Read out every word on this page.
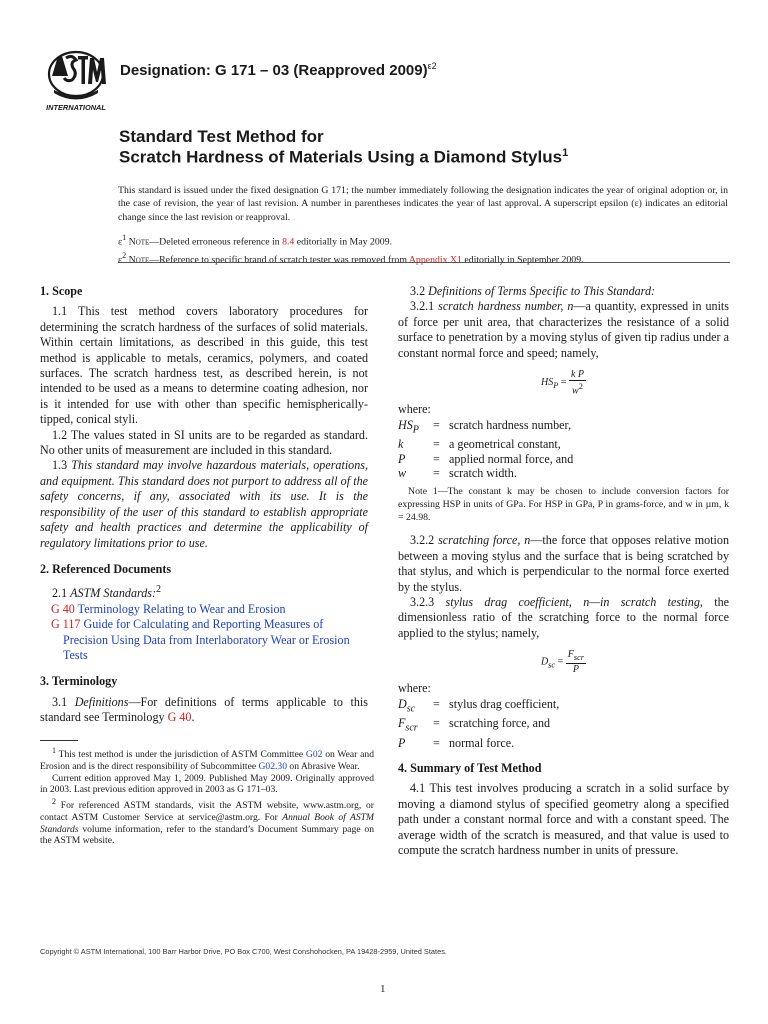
INTERNATIONAL
Designation: G 171 – 03 (Reapproved 2009)$^{\varepsilon 2}$
Standard Test Method for
Scratch Hardness of Materials Using a Diamond Stylus$^1$
This standard is issued under the fixed designation G 171; the number immediately following the designation indicates the year of original adoption or, in the case of revision, the year of last revision. A number in parentheses indicates the year of last approval. A superscript epsilon (ε) indicates an editorial change since the last revision or reapproval.
$\varepsilon^1$ Note—Deleted erroneous reference in 8.4 editorially in May 2009.
$\varepsilon^2$ Note—Reference to specific brand of scratch tester was removed from Appendix X1 editorially in September 2009.
1. Scope

1.1 This test method covers laboratory procedures for determining the scratch hardness of the surfaces of solid materials. Within certain limitations, as described in this guide, this test method is applicable to metals, ceramics, polymers, and coated surfaces. The scratch hardness test, as described herein, is not intended to be used as a means to determine coating adhesion, nor is it intended for use with other than specific hemispherically-tipped, conical styli.

1.2 The values stated in SI units are to be regarded as standard. No other units of measurement are included in this standard.

1.3 This standard may involve hazardous materials, operations, and equipment. This standard does not purport to address all of the safety concerns, if any, associated with its use. It is the responsibility of the user of this standard to establish appropriate safety and health practices and determine the applicability of regulatory limitations prior to use.

2. Referenced Documents

2.1 ASTM Standards:$^2$

G 40 Terminology Relating to Wear and Erosion

G 117 Guide for Calculating and Reporting Measures of Precision Using Data from Interlaboratory Wear or Erosion Tests

3. Terminology

3.1 Definitions—For definitions of terms applicable to this standard see Terminology G 40.

$^1$ This test method is under the jurisdiction of ASTM Committee G02 on Wear and Erosion and is the direct responsibility of Subcommittee G02.30 on Abrasive Wear.

Current edition approved May 1, 2009. Published May 2009. Originally approved in 2003. Last previous edition approved in 2003 as G 171–03.

$^2$ For referenced ASTM standards, visit the ASTM website, www.astm.org, or contact ASTM Customer Service at service@astm.org. For Annual Book of ASTM Standards volume information, refer to the standard’s Document Summary page on the ASTM website.

3.2 Definitions of Terms Specific to This Standard:

3.2.1 scratch hardness number, n—a quantity, expressed in units of force per unit area, that characterizes the resistance of a solid surface to penetration by a moving stylus of given tip radius under a constant normal force and speed; namely,

$HS_P = \frac{\text{k P}}{w^2}$
where:
$HS_P$	=	scratch hardness number,
k	=	a geometrical constant,
P	=	applied normal force, and
w	=	scratch width.

Note 1—The constant k may be chosen to include conversion factors for expressing HSP in units of GPa. For HSP in GPa, P in grams-force, and w in µm, k = 24.98.

3.2.2 scratching force, n—the force that opposes relative motion between a moving stylus and the surface that is being scratched by that stylus, and which is perpendicular to the normal force exerted by the stylus.

3.2.3 stylus drag coefficient, n—in scratch testing, the dimensionless ratio of the scratching force to the normal force applied to the stylus; namely,

$D_{sc} = \frac{F_{scr}}{P}$
where:
$D_{sc}$	=	stylus drag coefficient,
$F_{scr}$	=	scratching force, and
P	=	normal force.
4. Summary of Test Method

4.1 This test involves producing a scratch in a solid surface by moving a diamond stylus of specified geometry along a specified path under a constant normal force and with a constant speed. The average width of the scratch is measured, and that value is used to compute the scratch hardness number in units of pressure.

Copyright © ASTM International, 100 Barr Harbor Drive, PO Box C700, West Conshohocken, PA 19428-2959, United States.
1
